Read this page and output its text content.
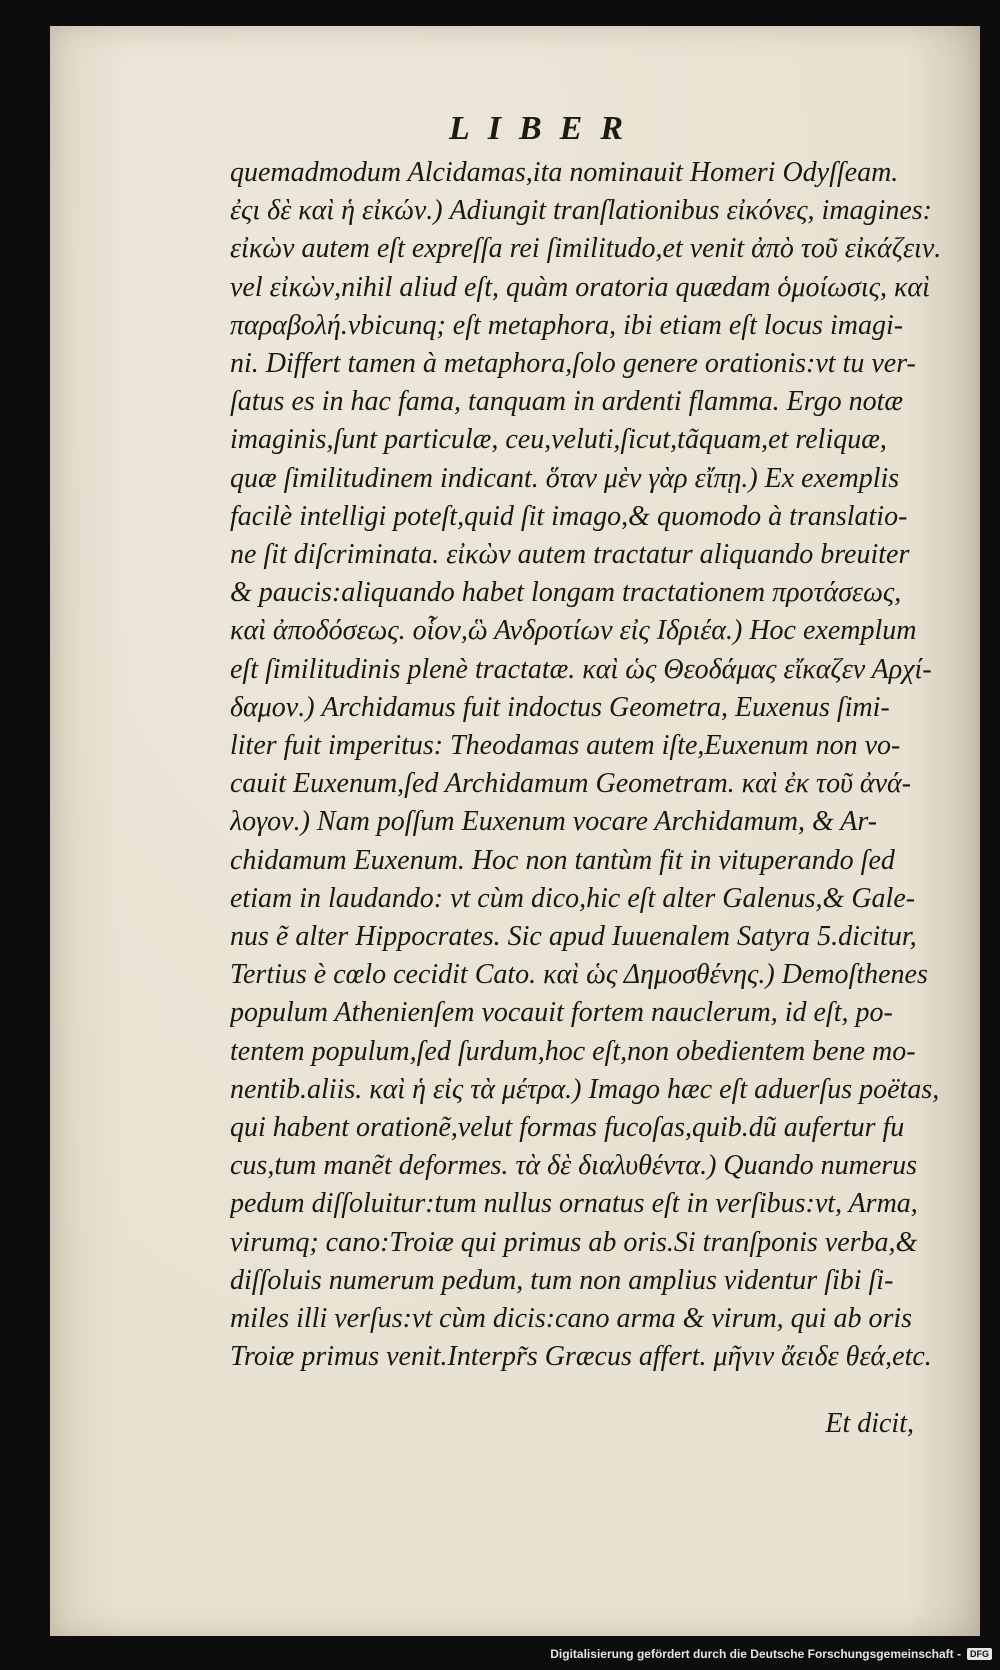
LIBER
quemadmodum Alcidamas,ita nominauit Homeri Odyſſeam.
ἐςι δὲ καὶ ἡ εἰκών.) Adiungit tranſlationibus εἰκόνες, imagines:
εἰκὼν autem eſt expreſſa rei ſimilitudo,et venit ἀπὸ τοῦ εἰκάζειν.
vel εἰκὼν,nihil aliud eſt, quàm oratoria quædam ὁμοίωσις, καὶ
παραβολή.vbicunq; eſt metaphora, ibi etiam eſt locus imagi-
ni. Differt tamen à metaphora,ſolo genere orationis:vt tu ver-
ſatus es in hac fama, tanquam in ardenti flamma. Ergo notæ
imaginis,ſunt particulæ, ceu,veluti,ſicut,tãquam,et reliquæ,
quæ ſimilitudinem indicant. ὅταν μὲν γὰρ εἴπῃ.) Ex exemplis
facilè intelligi poteſt,quid ſit imago,& quomodo à translatio-
ne ſit diſcriminata. εἰκὼν autem tractatur aliquando breuiter
& paucis:aliquando habet longam tractationem προτάσεως,
καὶ ἀποδόσεως. οἷον,ὣ Ανδροτίων εἰς Ιδριέα.) Hoc exemplum
eſt ſimilitudinis plenè tractatæ. καὶ ὡς Θεοδάμας εἴκαζεν Αρχί-
δαμον.) Archidamus fuit indoctus Geometra, Euxenus ſimi-
liter fuit imperitus: Theodamas autem iſte,Euxenum non vo-
cauit Euxenum,ſed Archidamum Geometram. καὶ ἐκ τοῦ ἀνά-
λογον.) Nam poſſum Euxenum vocare Archidamum, & Ar-
chidamum Euxenum. Hoc non tantùm fit in vituperando ſed
etiam in laudando: vt cùm dico,hic eſt alter Galenus,& Gale-
nus ẽ alter Hippocrates. Sic apud Iuuenalem Satyra 5.dicitur,
Tertius è cœlo cecidit Cato. καὶ ὡς Δημοσθένης.) Demoſthenes
populum Athenienſem vocauit fortem nauclerum, id eſt, po-
tentem populum,ſed ſurdum,hoc eſt,non obedientem bene mo-
nentib.aliis. καὶ ἡ εἰς τὰ μέτρα.) Imago hæc eſt aduerſus poëtas,
qui habent orationẽ,velut formas fucoſas,quib.dũ aufertur fu
cus,tum manẽt deformes. τὰ δὲ διαλυθέντα.) Quando numerus
pedum diſſoluitur:tum nullus ornatus eſt in verſibus:vt, Arma,
virumq; cano:Troiæ qui primus ab oris.Si tranſponis verba,&
diſſoluis numerum pedum, tum non amplius videntur ſibi ſi-
miles illi verſus:vt cùm dicis:cano arma & virum, qui ab oris
Troiæ primus venit.Interpr̃s Græcus affert. μῆνιν ἄειδε θεά,etc.
Et dicit,
Digitalisierung gefördert durch die Deutsche Forschungsgemeinschaft -	DFG
